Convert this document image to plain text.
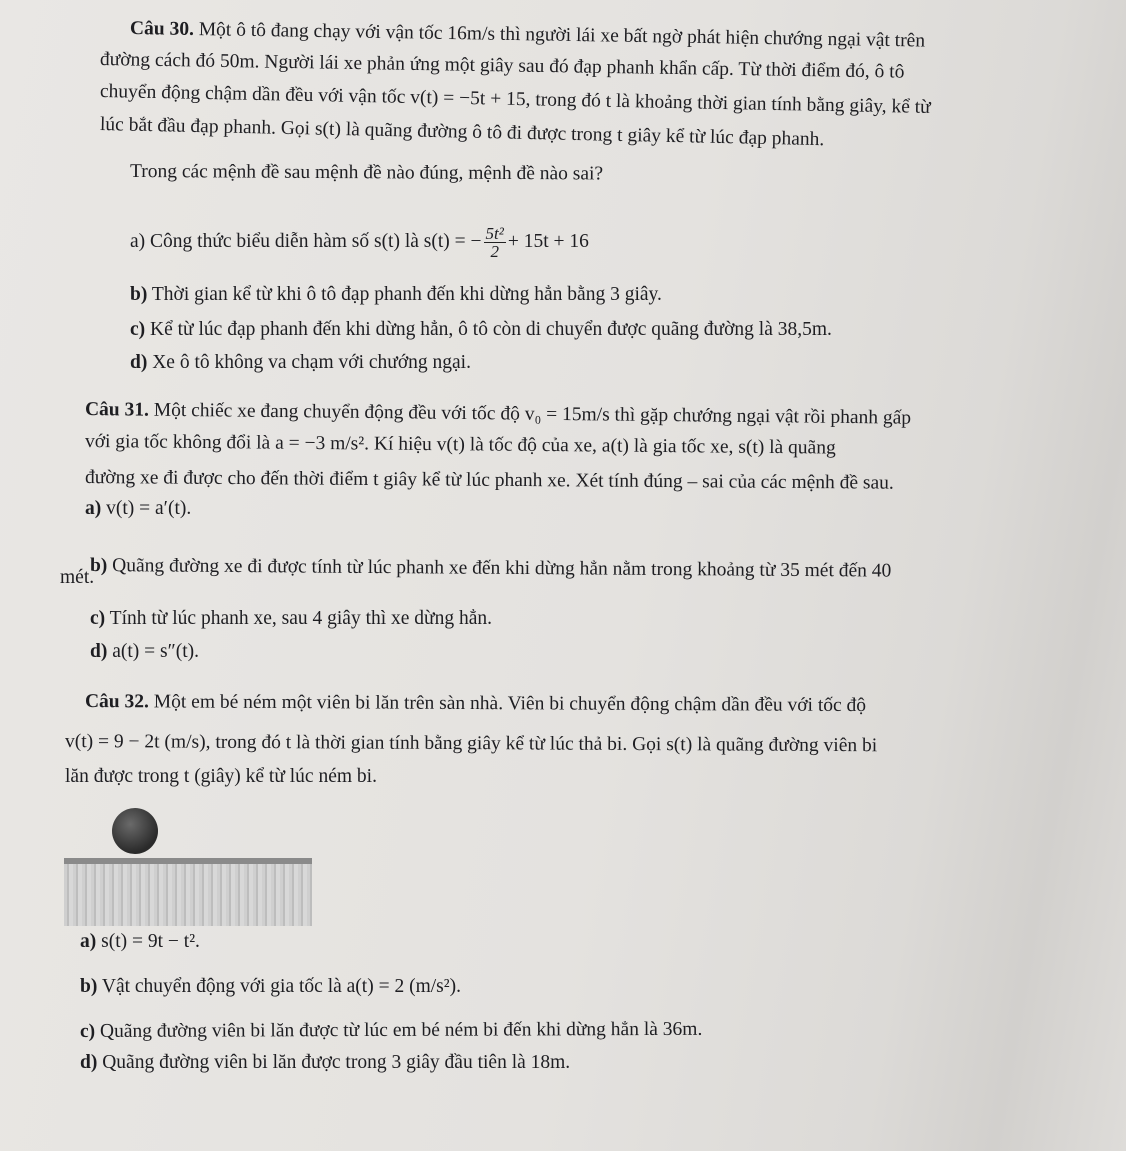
Câu 30. Một ô tô đang chạy với vận tốc 16m/s thì người lái xe bất ngờ phát hiện chướng ngại vật trên
đường cách đó 50m. Người lái xe phản ứng một giây sau đó đạp phanh khẩn cấp. Từ thời điểm đó, ô tô
chuyển động chậm dần đều với vận tốc v(t) = −5t + 15, trong đó t là khoảng thời gian tính bằng giây, kể từ
lúc bắt đầu đạp phanh. Gọi s(t) là quãng đường ô tô đi được trong t giây kể từ lúc đạp phanh.
Trong các mệnh đề sau mệnh đề nào đúng, mệnh đề nào sai?
a) Công thức biểu diễn hàm số s(t) là s(t) = − $\frac{\text{5t²}}{2} + 15t + 16$
b) Thời gian kể từ khi ô tô đạp phanh đến khi dừng hẳn bằng 3 giây.
c) Kể từ lúc đạp phanh đến khi dừng hẳn, ô tô còn di chuyển được quãng đường là 38,5m.
d) Xe ô tô không va chạm với chướng ngại.
Câu 31. Một chiếc xe đang chuyển động đều với tốc độ v₀ = 15m/s thì gặp chướng ngại vật rồi phanh gấp
với gia tốc không đổi là a = −3 m/s². Kí hiệu v(t) là tốc độ của xe, a(t) là gia tốc xe, s(t) là quãng
đường xe đi được cho đến thời điểm t giây kể từ lúc phanh xe. Xét tính đúng – sai của các mệnh đề sau.
a) v(t) = a′(t).
b) Quãng đường xe đi được tính từ lúc phanh xe đến khi dừng hẳn nằm trong khoảng từ 35 mét đến 40
mét.
c) Tính từ lúc phanh xe, sau 4 giây thì xe dừng hẳn.
d) a(t) = s″(t).
Câu 32. Một em bé ném một viên bi lăn trên sàn nhà. Viên bi chuyển động chậm dần đều với tốc độ
v(t) = 9 − 2t (m/s), trong đó t là thời gian tính bằng giây kể từ lúc thả bi. Gọi s(t) là quãng đường viên bi
lăn được trong t (giây) kể từ lúc ném bi.
a) s(t) = 9t − t².
b) Vật chuyển động với gia tốc là a(t) = 2 (m/s²).
c) Quãng đường viên bi lăn được từ lúc em bé ném bi đến khi dừng hẳn là 36m.
d) Quãng đường viên bi lăn được trong 3 giây đầu tiên là 18m.
